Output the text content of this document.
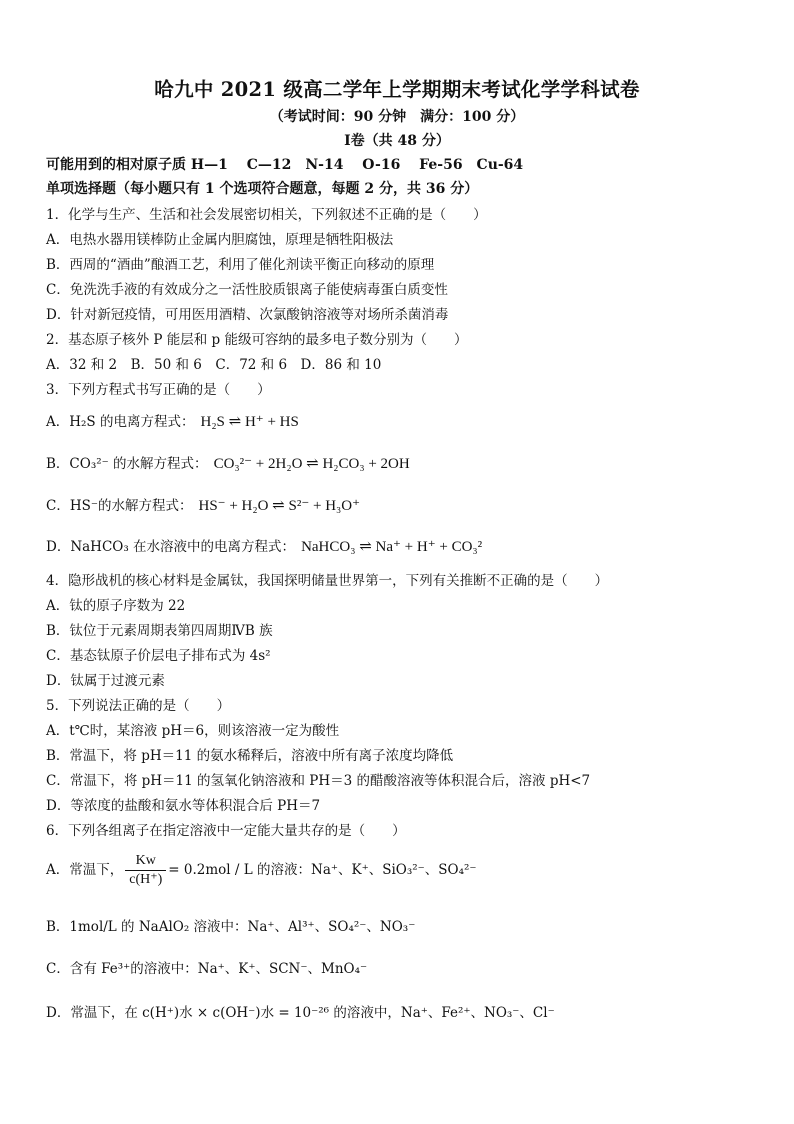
哈九中 2021 级高二学年上学期期末考试化学学科试卷
（考试时间：90 分钟　满分：100 分）
Ⅰ卷（共 48 分）
可能用到的相对原子质 H—1　 C—12　N-14　 O-16　 Fe-56　Cu-64
单项选择题（每小题只有 1 个选项符合题意，每题 2 分，共 36 分）
1．化学与生产、生活和社会发展密切相关，下列叙述不正确的是（　　）
A．电热水器用镁棒防止金属内胆腐蚀，原理是牺牲阳极法
B．西周的“酒曲”酿酒工艺，利用了催化剂读平衡正向移动的原理
C．免洗洗手液的有效成分之一活性胶质银离子能使病毒蛋白质变性
D．针对新冠疫情，可用医用酒精、次氯酸钠溶液等对场所杀菌消毒
2．基态原子核外 P 能层和 p 能级可容纳的最多电子数分别为（　　）
A．32 和 2　B．50 和 6　C．72 和 6　D．86 和 10
3．下列方程式书写正确的是（　　）
A．H₂S 的电离方程式： H₂S ⇌ H⁺ + HS
B．CO₃²⁻ 的水解方程式： CO₃²⁻ + 2H₂O ⇌ H₂CO₃ + 2OH
C．HS⁻的水解方程式： HS⁻ + H₂O ⇌ S²⁻ + H₃O⁺
D．NaHCO₃ 在水溶液中的电离方程式： NaHCO₃ ⇌ Na⁺ + H⁺ + CO₃²
4．隐形战机的核心材料是金属钛，我国探明储量世界第一，下列有关推断不正确的是（　　）
A．钛的原子序数为 22
B．钛位于元素周期表第四周期ⅣB 族
C．基态钛原子价层电子排布式为 4s²
D．钛属于过渡元素
5．下列说法正确的是（　　）
A．t℃时，某溶液 pH＝6，则该溶液一定为酸性
B．常温下，将 pH＝11 的氨水稀释后，溶液中所有离子浓度均降低
C．常温下，将 pH＝11 的氢氧化钠溶液和 PH＝3 的醋酸溶液等体积混合后，溶液 pH<7
D．等浓度的盐酸和氨水等体积混合后 PH＝7
6．下列各组离子在指定溶液中一定能大量共存的是（　　）
A．常温下， $\frac{Kw}{c(H^+)} = 0.2mol / L$ 的溶液：Na⁺、K⁺、SiO₃²⁻、SO₄²⁻
B．1mol/L 的 NaAlO₂ 溶液中：Na⁺、Al³⁺、SO₄²⁻、NO₃⁻
C．含有 Fe³⁺的溶液中：Na⁺、K⁺、SCN⁻、MnO₄⁻
D．常温下，在 c(H⁺)水 × c(OH⁻)水 = 10⁻²⁶ 的溶液中，Na⁺、Fe²⁺、NO₃⁻、Cl⁻
